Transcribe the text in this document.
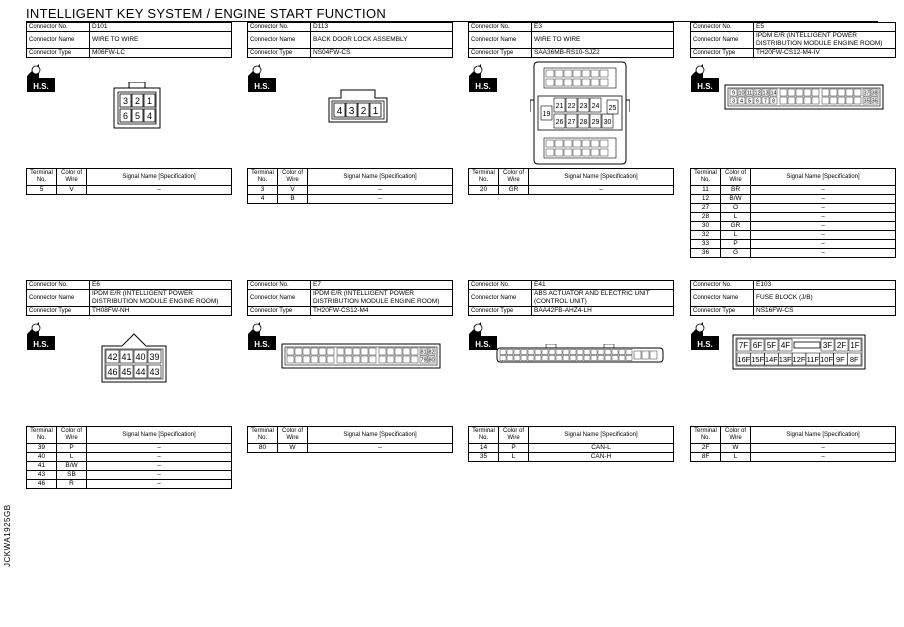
INTELLIGENT KEY SYSTEM / ENGINE START FUNCTION
JCKWA1925GB
Connector No.	D101
Connector Name	WIRE TO WIRE
Connector Type	M06FW-LC
H.S.
3 2 1
6 5 4
Terminal No.	Color of Wire	Signal Name [Specification]
5	V	–
Connector No.	D113
Connector Name	BACK DOOR LOCK ASSEMBLY
Connector Type	NS04FW-CS
H.S.
4 3 2 1
Terminal No.	Color of Wire	Signal Name [Specification]
3	V	–
4	B	–
Connector No.	E3
Connector Name	WIRE TO WIRE
Connector Type	SAA36MB-RS10-SJZ2
H.S.
19
21 22 23 24
26 27 28 29 30
25
Terminal No.	Color of Wire	Signal Name [Specification]
20	GR	–
Connector No.	E5
Connector Name	IPDM E/R (INTELLIGENT POWER DISTRIBUTION MODULE ENGINE ROOM)
Connector Type	TH20FW-CS12-M4-IV
H.S.
9 10 11 12 13 14
3 4 5 6 7 8
37 38
35 36
Terminal No.	Color of Wire	Signal Name [Specification]
11	BR	–
12	B/W	–
27	O	–
28	L	–
30	GR	–
32	L	–
33	P	–
36	G	–
Connector No.	E6
Connector Name	IPDM E/R (INTELLIGENT POWER DISTRIBUTION MODULE ENGINE ROOM)
Connector Type	TH08FW-NH
H.S.
42 41 40 39
46 45 44 43
Terminal No.	Color of Wire	Signal Name [Specification]
39	P	–
40	L	–
41	B/W	–
43	SB	–
46	R	–
Connector No.	E7
Connector Name	IPDM E/R (INTELLIGENT POWER DISTRIBUTION MODULE ENGINE ROOM)
Connector Type	TH20FW-CS12-M4
H.S.
81 82
79 80
Terminal No.	Color of Wire	Signal Name [Specification]
80	W	–
Connector No.	E41
Connector Name	ABS ACTUATOR AND ELECTRIC UNIT (CONTROL UNIT)
Connector Type	BAA42FB-AHZ4-LH
H.S.
Terminal No.	Color of Wire	Signal Name [Specification]
14	P	CAN-L
35	L	CAN-H
Connector No.	E103
Connector Name	FUSE BLOCK (J/B)
Connector Type	NS16FW-CS
H.S.	7F 6F 5F 4F	3F 2F 1F
16F 15F 14F 13F 12F 11F 10F 9F 8F
Terminal No.	Color of Wire	Signal Name [Specification]
2F	W	–
8F	L	–
